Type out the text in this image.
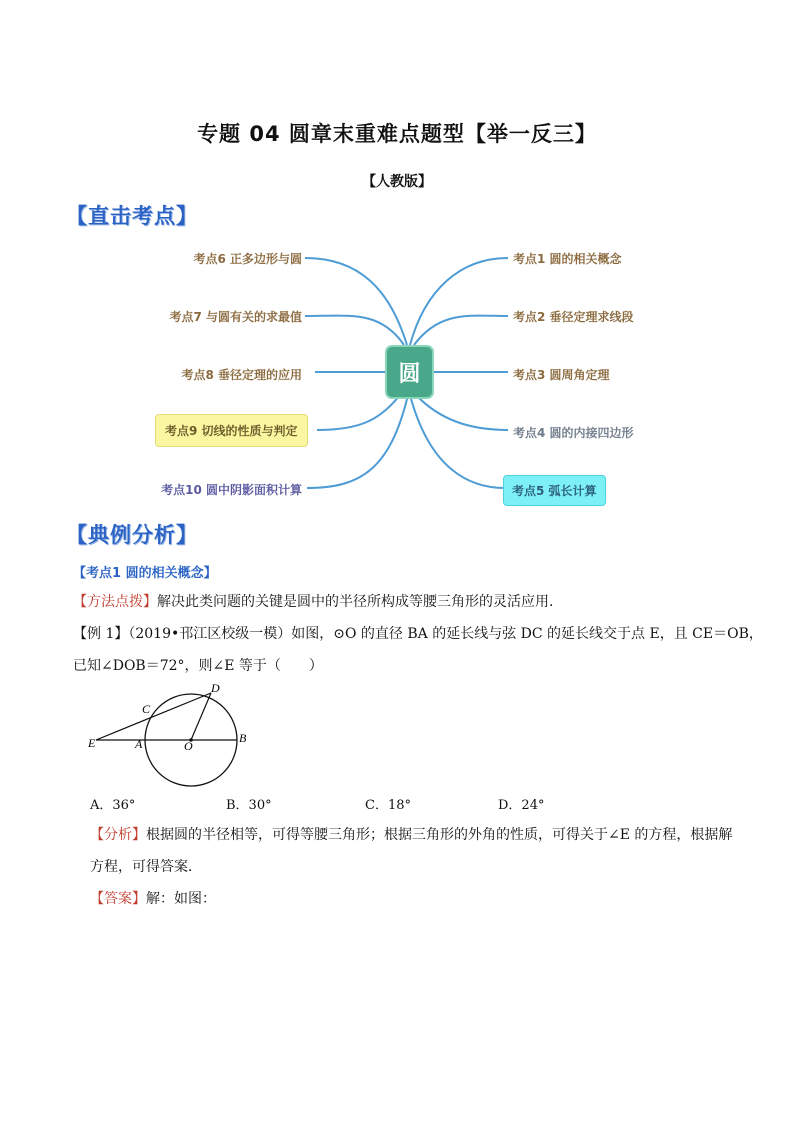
专题 04 圆章末重难点题型【举一反三】
【人教版】
【直击考点】
圆
考点6 正多边形与圆
考点7 与圆有关的求最值
考点8 垂径定理的应用
考点9 切线的性质与判定
考点10 圆中阴影面积计算
考点1 圆的相关概念
考点2 垂径定理求线段
考点3 圆周角定理
考点4 圆的内接四边形
考点5 弧长计算
【典例分析】
【考点1 圆的相关概念】
【方法点拨】解决此类问题的关键是圆中的半径所构成等腰三角形的灵活应用.
【例 1】（2019•邗江区校级一模）如图，⊙O 的直径 BA 的延长线与弦 DC 的延长线交于点 E，且 CE＝OB，
已知∠DOB＝72°，则∠E 等于（　　）
E	A	O
B
C
D
A．36°	B．30°	C．18°	D．24°
【分析】根据圆的半径相等，可得等腰三角形；根据三角形的外角的性质，可得关于∠E 的方程，根据解
方程，可得答案．
【答案】解：如图：
